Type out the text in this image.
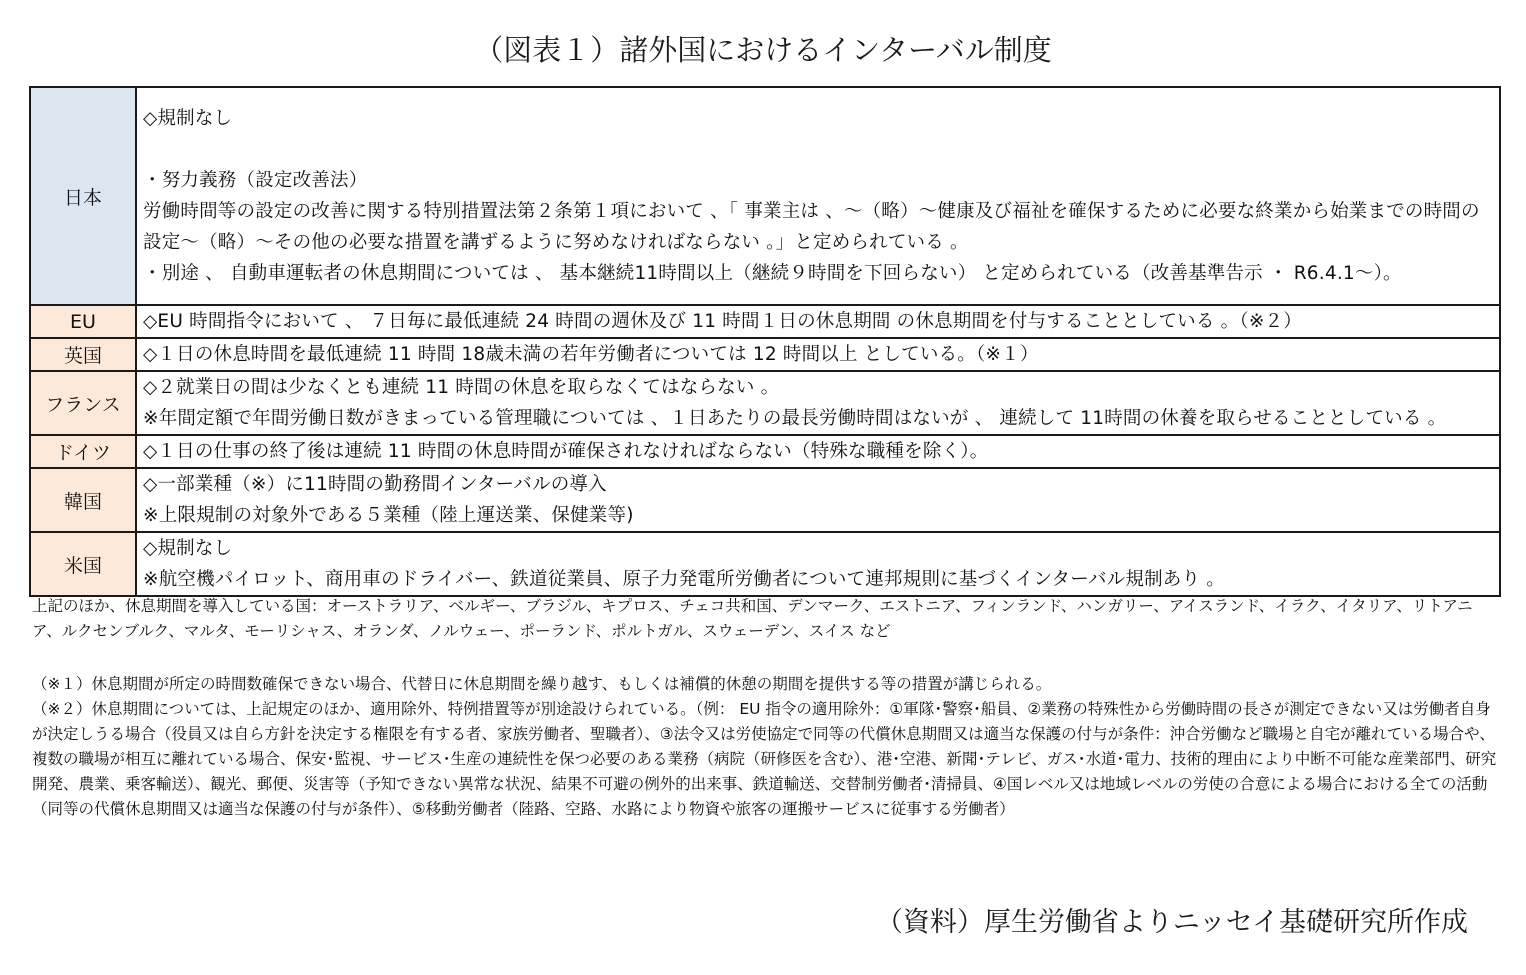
（図表１）諸外国におけるインターバル制度
日本	◇規制なし
・努力義務（設定改善法）
労働時間等の設定の改善に関する特別措置法第２条第１項において 、「 事業主は 、～（略）～健康及び福祉を確保するために必要な終業から始業までの時間の設定～（略）～その他の必要な措置を講ずるように努めなければならない 。」と定められている 。
・別途 、 自動車運転者の休息期間については 、 基本継続11時間以上（継続９時間を下回らない） と定められている（改善基準告示 ・ R6.4.1～）。

EU	◇EU 時間指令において 、 ７日毎に最低連続 24 時間の週休及び 11 時間１日の休息期間 の休息期間を付与することとしている 。（※２）

英国	◇１日の休息時間を最低連続 11 時間 18歳未満の若年労働者については 12 時間以上 としている。（※１）

フランス	◇２就業日の間は少なくとも連続 11 時間の休息を取らなくてはならない 。
※年間定額で年間労働日数がきまっている管理職については 、１日あたりの最長労働時間はないが 、 連続して 11時間の休養を取らせることとしている 。

ドイツ	◇１日の仕事の終了後は連続 11 時間の休息時間が確保されなければならない（特殊な職種を除く）。

韓国	◇一部業種（※）に11時間の勤務間インターバルの導入
※上限規制の対象外である５業種（陸上運送業、保健業等)

米国	◇規制なし
※航空機パイロット、商用車のドライバー、鉄道従業員、原子力発電所労働者について連邦規則に基づくインターバル規制あり 。

上記のほか、休息期間を導入している国：オーストラリア、ベルギー、ブラジル、キプロス、チェコ共和国、デンマーク、エストニア、フィンランド、ハンガリー、アイスランド、イラク、イタリア、リトアニア、ルクセンブルク、マルタ、モーリシャス、オランダ、ノルウェー、ポーランド、ポルトガル、スウェーデン、スイス など

（※１）休息期間が所定の時間数確保できない場合、代替日に休息期間を繰り越す、もしくは補償的休憩の期間を提供する等の措置が講じられる。

（※２）休息期間については、上記規定のほか、適用除外、特例措置等が別途設けられている。（例： EU 指令の適用除外：①軍隊･警察･船員、②業務の特殊性から労働時間の長さが測定できない又は労働者自身が決定しうる場合（役員又は自ら方針を決定する権限を有する者、家族労働者、聖職者）、③法令又は労使協定で同等の代償休息期間又は適当な保護の付与が条件：沖合労働など職場と自宅が離れている場合や、複数の職場が相互に離れている場合、保安･監視、サービス･生産の連続性を保つ必要のある業務（病院（研修医を含む）、港･空港、新聞･テレビ、ガス･水道･電力、技術的理由により中断不可能な産業部門、研究開発、農業、乗客輸送）、観光、郵便、災害等（予知できない異常な状況、結果不可避の例外的出来事、鉄道輸送、交替制労働者･清掃員、④国レベル又は地域レベルの労使の合意による場合における全ての活動（同等の代償休息期間又は適当な保護の付与が条件）、⑤移動労働者（陸路、空路、水路により物資や旅客の運搬サービスに従事する労働者）

（資料）厚生労働省よりニッセイ基礎研究所作成
